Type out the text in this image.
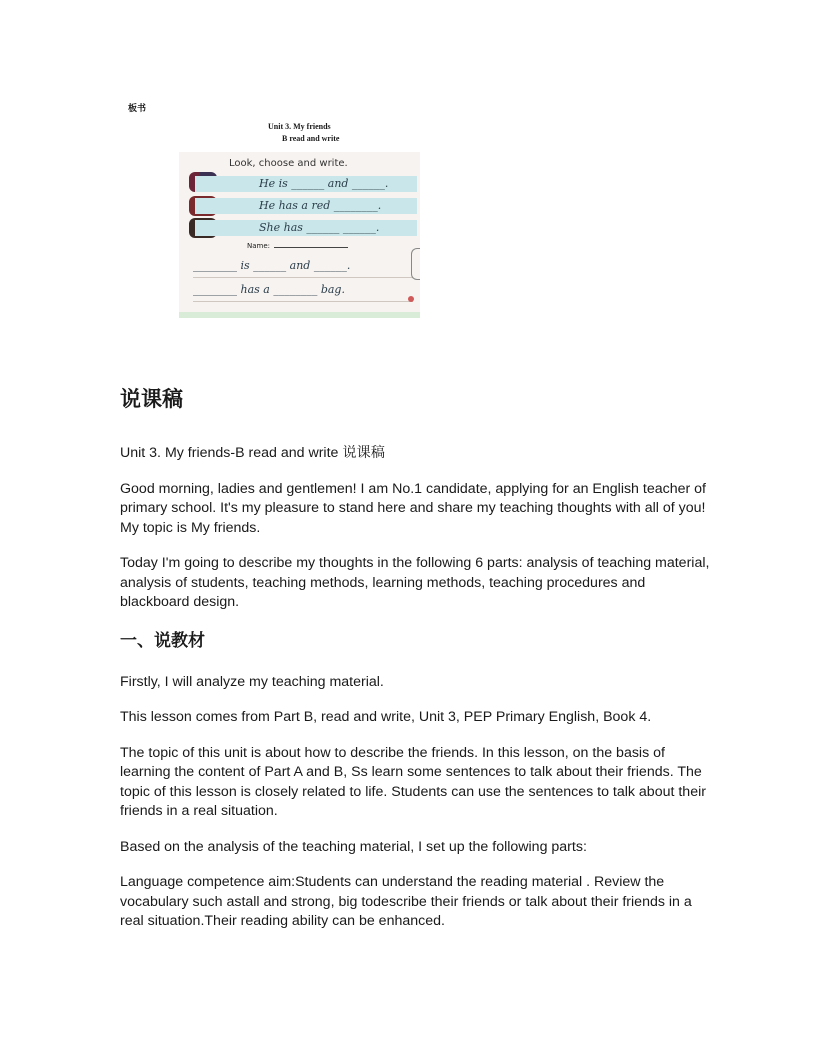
板书
Unit 3. My friends
B read and write
Look, choose and write.
He is ______ and ______.
He has a red ________.
She has ______ ______.
Name:
________ is ______ and ______.
________ has a ________ bag.
说课稿

Unit 3. My friends-B read and write 说课稿

Good morning, ladies and gentlemen! I am No.1 candidate, applying for an English teacher of primary school. It's my pleasure to stand here and share my teaching thoughts with all of you! My topic is My friends.

Today I'm going to describe my thoughts in the following 6 parts: analysis of teaching material, analysis of students, teaching methods, learning methods, teaching procedures and blackboard design.

一、说教材

Firstly, I will analyze my teaching material.

This lesson comes from Part B, read and write, Unit 3, PEP Primary English, Book 4.

The topic of this unit is about how to describe the friends. In this lesson, on the basis of learning the content of Part A and B, Ss learn some sentences to talk about their friends. The topic of this lesson is closely related to life. Students can use the sentences to talk about their friends in a real situation.

Based on the analysis of the teaching material, I set up the following parts:

Language competence aim:Students can understand the reading material . Review the vocabulary such astall and strong, big todescribe their friends or talk about their friends in a real situation.Their reading ability can be enhanced.
